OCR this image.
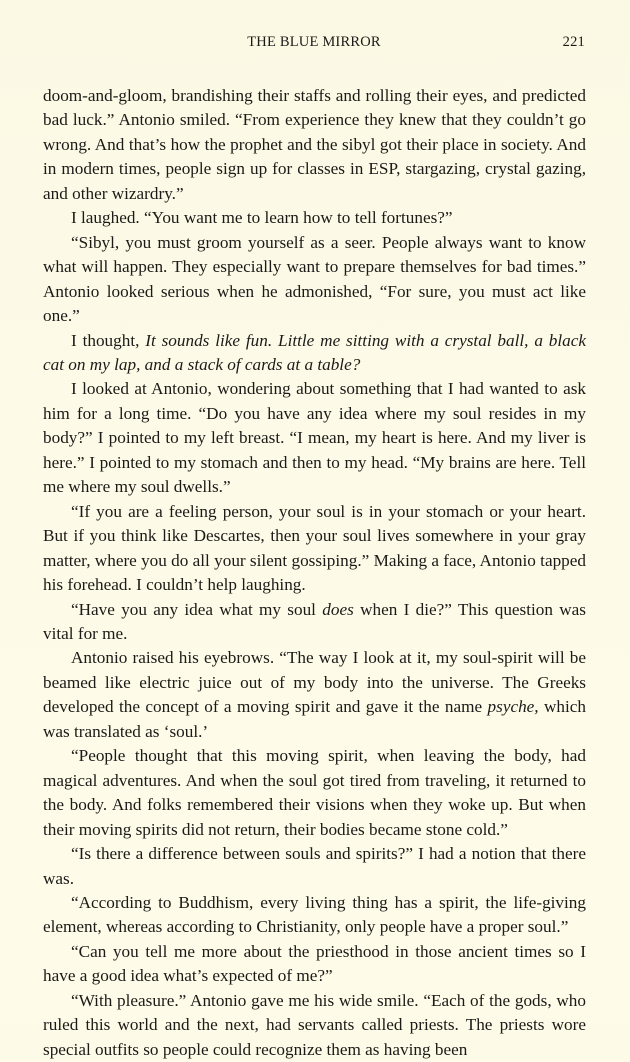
THE BLUE MIRROR	221

doom-and-gloom, brandishing their staffs and rolling their eyes, and predicted bad luck.” Antonio smiled. “From experience they knew that they couldn’t go wrong. And that’s how the prophet and the sibyl got their place in society. And in modern times, people sign up for classes in ESP, stargazing, crystal gazing, and other wizardry.”

I laughed. “You want me to learn how to tell fortunes?”

“Sibyl, you must groom yourself as a seer. People always want to know what will happen. They especially want to prepare themselves for bad times.” Antonio looked serious when he admonished, “For sure, you must act like one.”

I thought, It sounds like fun. Little me sitting with a crystal ball, a black cat on my lap, and a stack of cards at a table?

I looked at Antonio, wondering about something that I had wanted to ask him for a long time. “Do you have any idea where my soul resides in my body?” I pointed to my left breast. “I mean, my heart is here. And my liver is here.” I pointed to my stomach and then to my head. “My brains are here. Tell me where my soul dwells.”

“If you are a feeling person, your soul is in your stomach or your heart. But if you think like Descartes, then your soul lives somewhere in your gray matter, where you do all your silent gossiping.” Making a face, Antonio tapped his forehead. I couldn’t help laughing.

“Have you any idea what my soul does when I die?” This question was vital for me.

Antonio raised his eyebrows. “The way I look at it, my soul-spirit will be beamed like electric juice out of my body into the universe. The Greeks developed the concept of a moving spirit and gave it the name psyche, which was translated as ‘soul.’

“People thought that this moving spirit, when leaving the body, had magical adventures. And when the soul got tired from traveling, it returned to the body. And folks remembered their visions when they woke up. But when their moving spirits did not return, their bodies became stone cold.”

“Is there a difference between souls and spirits?” I had a notion that there was.

“According to Buddhism, every living thing has a spirit, the life-giving element, whereas according to Christianity, only people have a proper soul.”

“Can you tell me more about the priesthood in those ancient times so I have a good idea what’s expected of me?”

“With pleasure.” Antonio gave me his wide smile. “Each of the gods, who ruled this world and the next, had servants called priests. The priests wore special outfits so people could recognize them as having been
